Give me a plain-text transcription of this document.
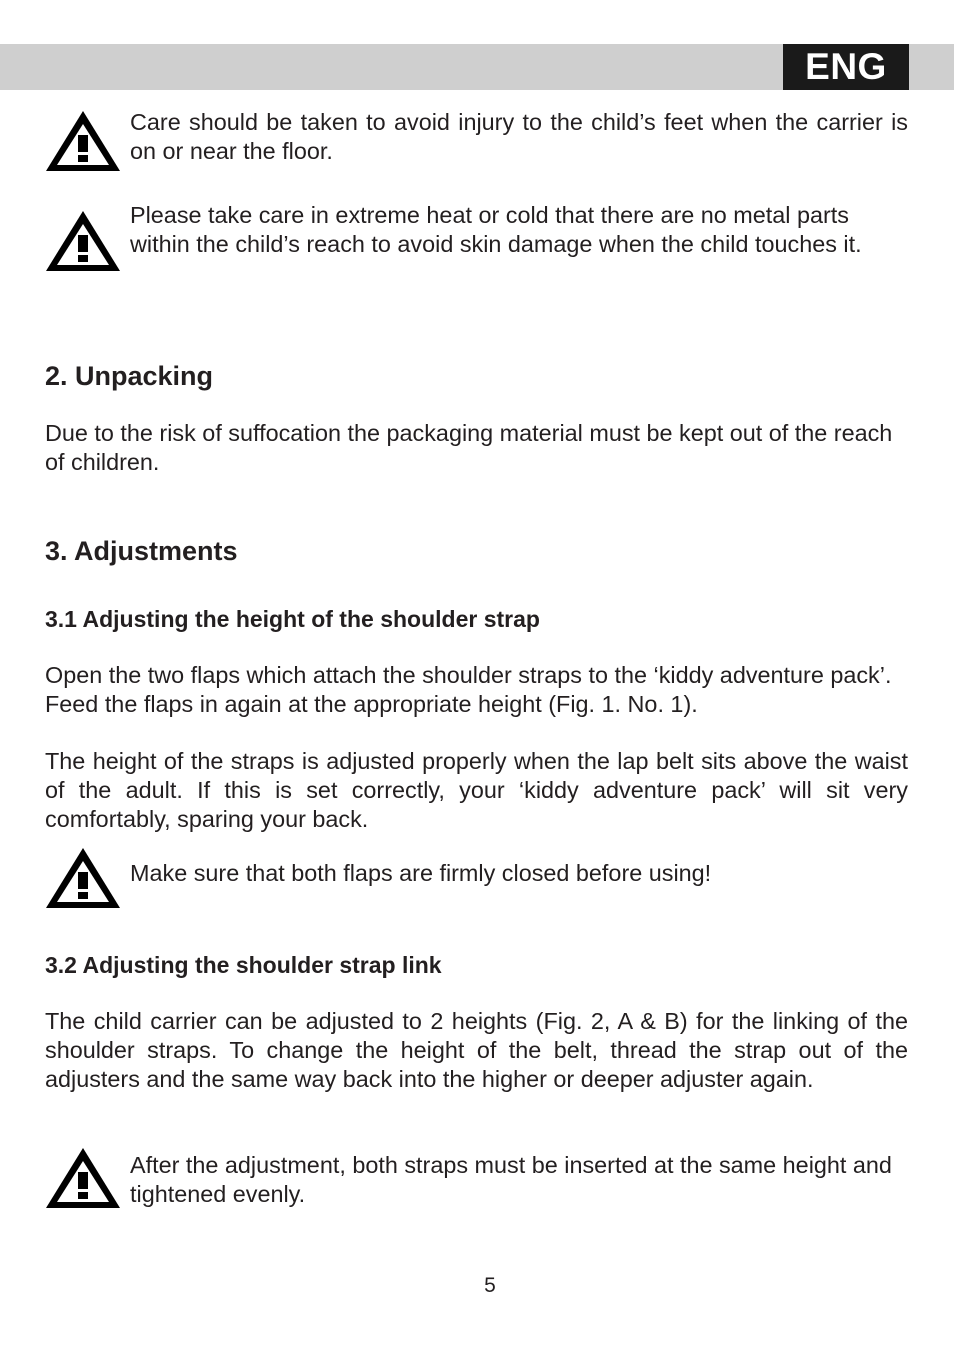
ENG

Care should be taken to avoid injury to the child’s feet when the carrier is on or near the floor.

Please take care in extreme heat or cold that there are no metal parts within the child’s reach to avoid skin damage when the child touches it.

2. Unpacking

Due to the risk of suffocation the packaging material must be kept out of the reach of children.

3. Adjustments
3.1 Adjusting the height of the shoulder strap

Open the two flaps which attach the shoulder straps to the ‘kiddy adventure pack’. Feed the flaps in again at the appropriate height (Fig. 1. No. 1).

The height of the straps is adjusted properly when the lap belt sits above the waist of the adult. If this is set correctly, your ‘kiddy adventure pack’ will sit very comfortably, sparing your back.

Make sure that both flaps are firmly closed before using!

3.2 Adjusting the shoulder strap link

The child carrier can be adjusted to 2 heights (Fig. 2, A & B) for the linking of the shoulder straps. To change the height of the belt, thread the strap out of the adjusters and the same way back into the higher or deeper adjuster again.

After the adjustment, both straps must be inserted at the same height and tightened evenly.

5
